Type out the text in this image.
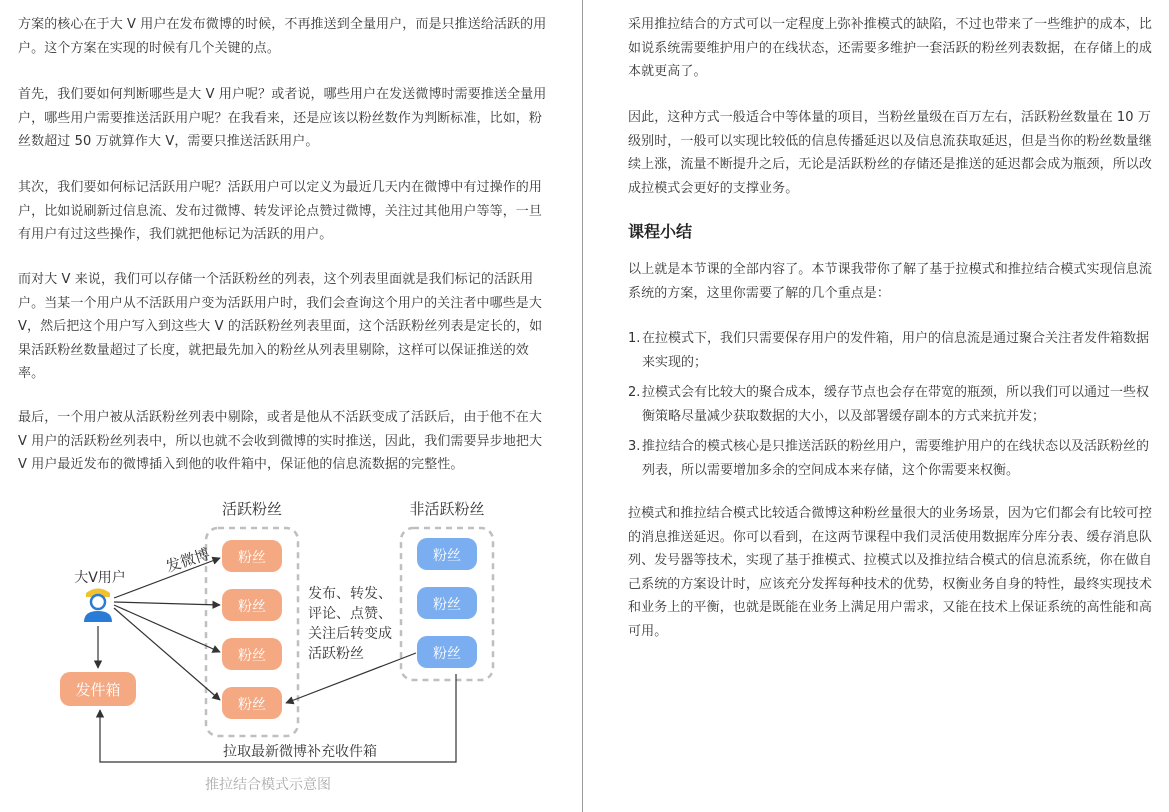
方案的核心在于大 V 用户在发布微博的时候，不再推送到全量用户，而是只推送给活跃的用户。这个方案在实现的时候有几个关键的点。

首先，我们要如何判断哪些是大 V 用户呢？或者说，哪些用户在发送微博时需要推送全量用户，哪些用户需要推送活跃用户呢？在我看来，还是应该以粉丝数作为判断标准，比如，粉丝数超过 50 万就算作大 V，需要只推送活跃用户。

其次，我们要如何标记活跃用户呢？活跃用户可以定义为最近几天内在微博中有过操作的用户，比如说刷新过信息流、发布过微博、转发评论点赞过微博，关注过其他用户等等，一旦有用户有过这些操作，我们就把他标记为活跃的用户。

而对大 V 来说，我们可以存储一个活跃粉丝的列表，这个列表里面就是我们标记的活跃用户。当某一个用户从不活跃用户变为活跃用户时，我们会查询这个用户的关注者中哪些是大 V，然后把这个用户写入到这些大 V 的活跃粉丝列表里面，这个活跃粉丝列表是定长的，如果活跃粉丝数量超过了长度，就把最先加入的粉丝从列表里剔除，这样可以保证推送的效率。

最后，一个用户被从活跃粉丝列表中剔除，或者是他从不活跃变成了活跃后，由于他不在大 V 用户的活跃粉丝列表中，所以也就不会收到微博的实时推送，因此，我们需要异步地把大 V 用户最近发布的微博插入到他的收件箱中，保证他的信息流数据的完整性。

活跃粉丝	非活跃粉丝
粉丝
粉丝
粉丝
粉丝
粉丝
粉丝
粉丝
大V用户
发微博
发件箱
发布、转发、
评论、点赞、
关注后转变成
活跃粉丝
拉取最新微博补充收件箱
推拉结合模式示意图

采用推拉结合的方式可以一定程度上弥补推模式的缺陷，不过也带来了一些维护的成本，比如说系统需要维护用户的在线状态，还需要多维护一套活跃的粉丝列表数据，在存储上的成本就更高了。

因此，这种方式一般适合中等体量的项目，当粉丝量级在百万左右，活跃粉丝数量在 10 万级别时，一般可以实现比较低的信息传播延迟以及信息流获取延迟，但是当你的粉丝数量继续上涨，流量不断提升之后，无论是活跃粉丝的存储还是推送的延迟都会成为瓶颈，所以改成拉模式会更好的支撑业务。

课程小结

以上就是本节课的全部内容了。本节课我带你了解了基于拉模式和推拉结合模式实现信息流系统的方案，这里你需要了解的几个重点是：

1. 在拉模式下，我们只需要保存用户的发件箱，用户的信息流是通过聚合关注者发件箱数据来实现的；
2. 拉模式会有比较大的聚合成本，缓存节点也会存在带宽的瓶颈，所以我们可以通过一些权衡策略尽量减少获取数据的大小，以及部署缓存副本的方式来抗并发；
3. 推拉结合的模式核心是只推送活跃的粉丝用户，需要维护用户的在线状态以及活跃粉丝的列表，所以需要增加多余的空间成本来存储，这个你需要来权衡。

拉模式和推拉结合模式比较适合微博这种粉丝量很大的业务场景，因为它们都会有比较可控的消息推送延迟。你可以看到，在这两节课程中我们灵活使用数据库分库分表、缓存消息队列、发号器等技术，实现了基于推模式、拉模式以及推拉结合模式的信息流系统，你在做自己系统的方案设计时，应该充分发挥每种技术的优势，权衡业务自身的特性，最终实现技术和业务上的平衡，也就是既能在业务上满足用户需求，又能在技术上保证系统的高性能和高可用。
